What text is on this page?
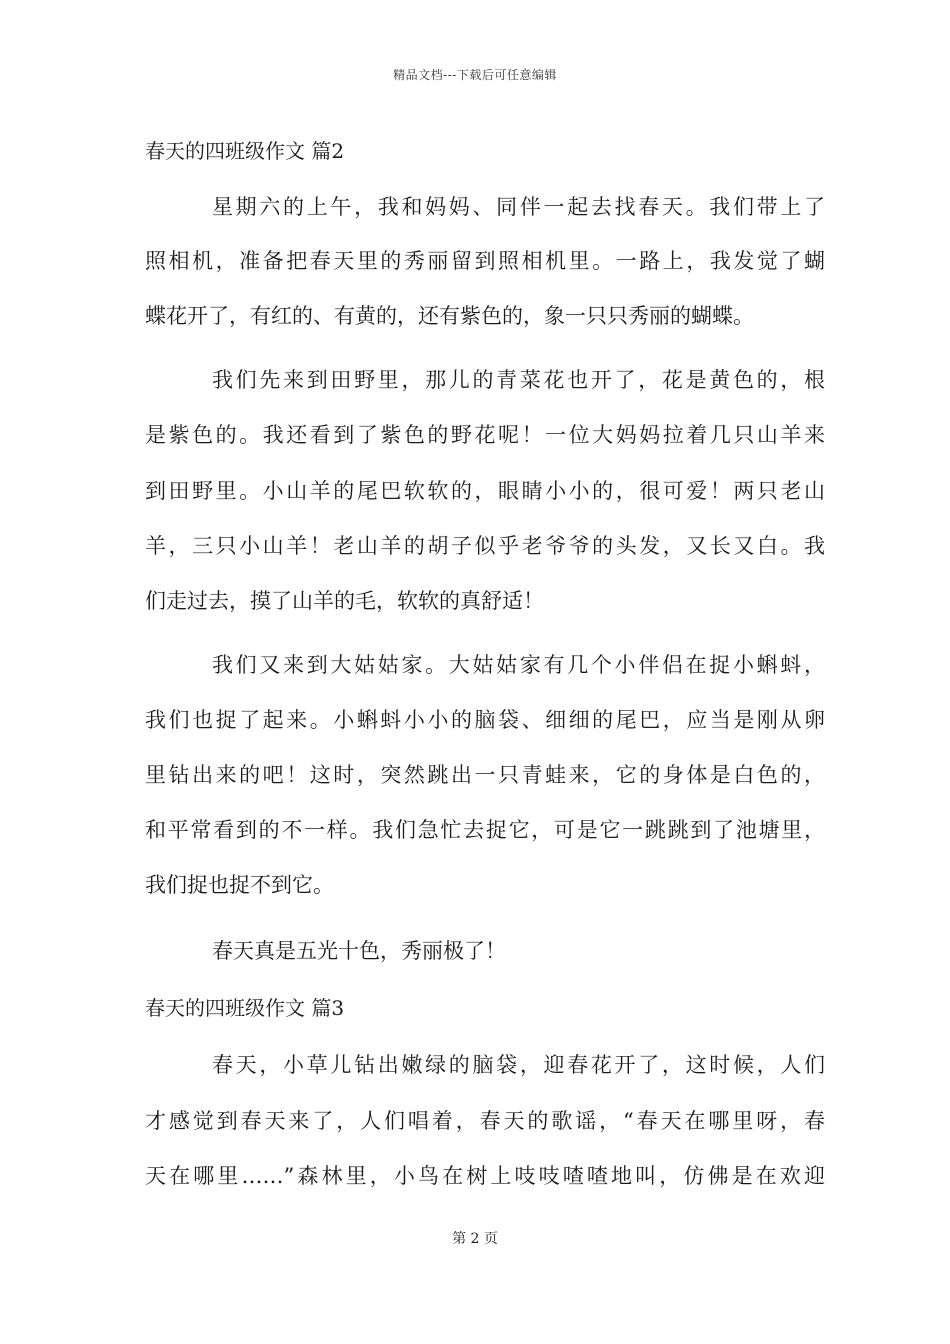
精品文档---下载后可任意编辑
春天的四班级作文 篇2
星期六的上午，我和妈妈、同伴一起去找春天。我们带上了
照相机，准备把春天里的秀丽留到照相机里。一路上，我发觉了蝴
蝶花开了，有红的、有黄的，还有紫色的，象一只只秀丽的蝴蝶。
我们先来到田野里，那儿的青菜花也开了，花是黄色的，根
是紫色的。我还看到了紫色的野花呢！一位大妈妈拉着几只山羊来
到田野里。小山羊的尾巴软软的，眼睛小小的，很可爱！两只老山
羊，三只小山羊！老山羊的胡子似乎老爷爷的头发，又长又白。我
们走过去，摸了山羊的毛，软软的真舒适！
我们又来到大姑姑家。大姑姑家有几个小伴侣在捉小蝌蚪，
我们也捉了起来。小蝌蚪小小的脑袋、细细的尾巴，应当是刚从卵
里钻出来的吧！这时，突然跳出一只青蛙来，它的身体是白色的，
和平常看到的不一样。我们急忙去捉它，可是它一跳跳到了池塘里，
我们捉也捉不到它。
春天真是五光十色，秀丽极了！
春天的四班级作文 篇3
春天，小草儿钻出嫩绿的脑袋，迎春花开了，这时候，人们
才感觉到春天来了，人们唱着，春天的歌谣，“春天在哪里呀，春
天在哪里……”森林里，小鸟在树上吱吱喳喳地叫，仿佛是在欢迎
第 2 页
